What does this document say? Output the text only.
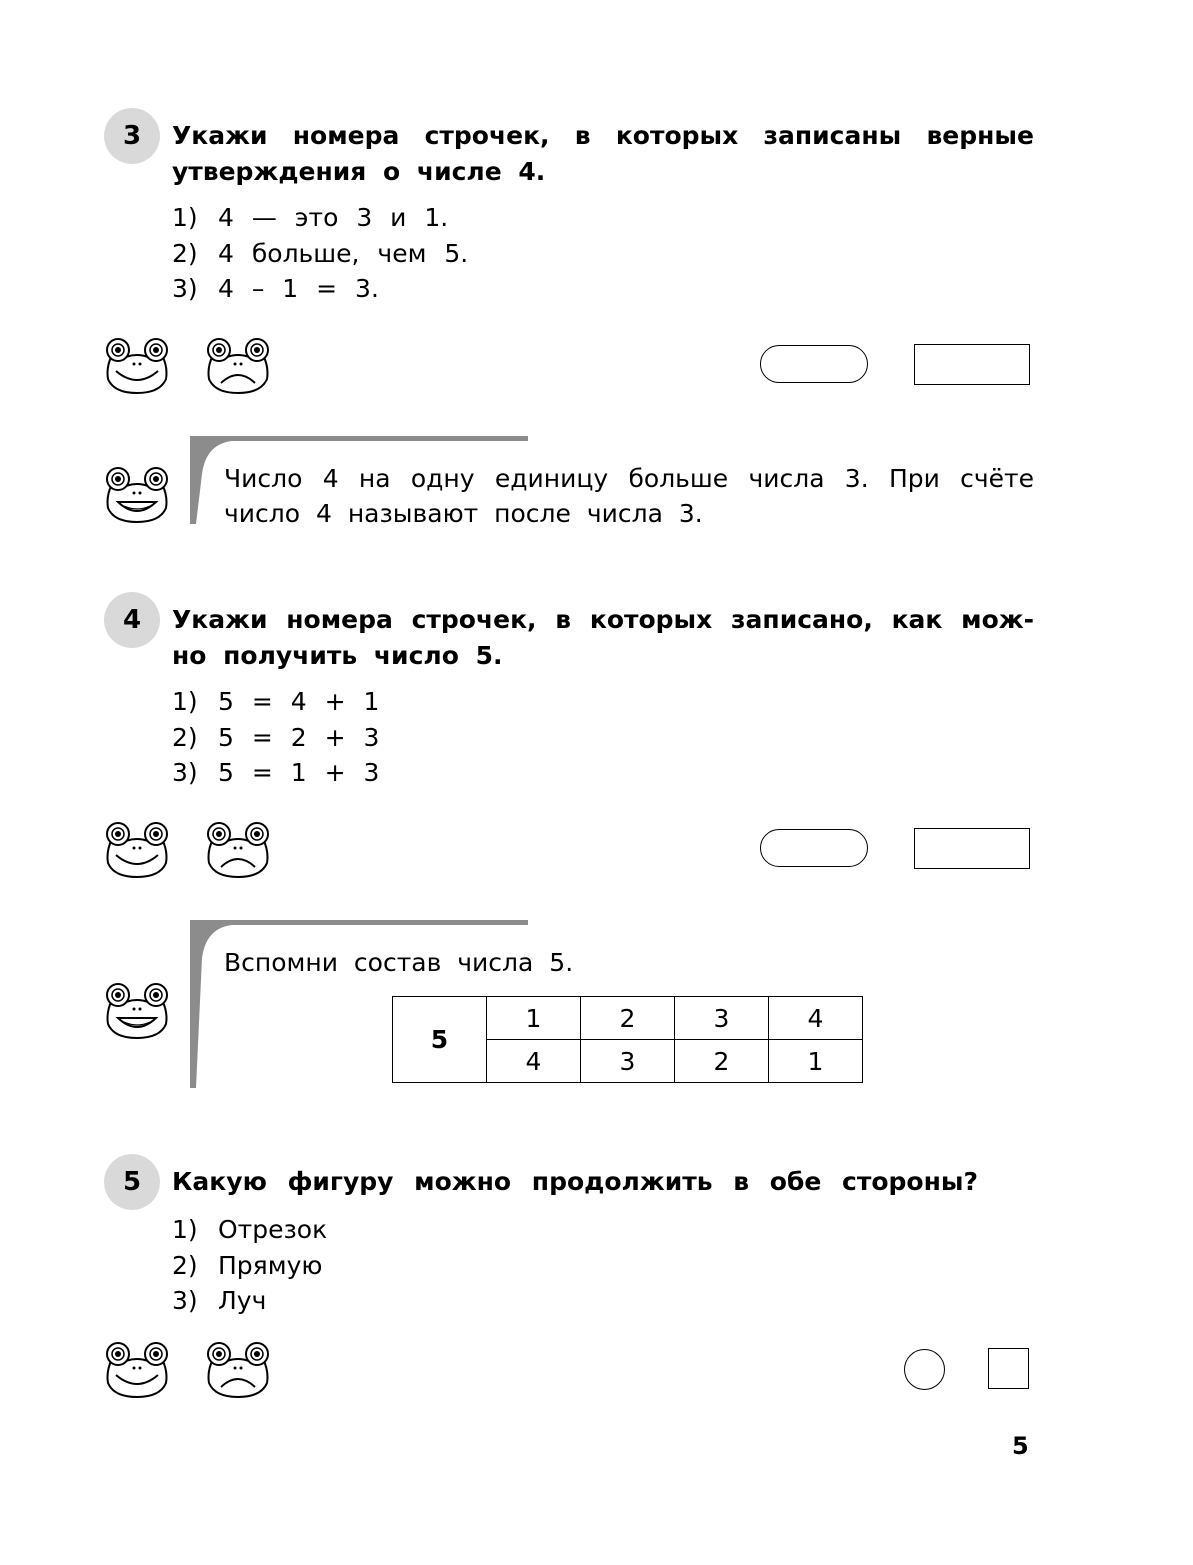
3 Укажи номера строчек, в которых записаны верные утверждения о числе 4.
1) 4 — это 3 и 1.
2) 4 больше, чем 5.
3) 4 – 1 = 3.
Число 4 на одну единицу больше числа 3. При счёте число 4 называют после числа 3.
4 Укажи номера строчек, в которых записано, как мож-но получить число 5.
1) 5 = 4 + 1
2) 5 = 2 + 3
3) 5 = 1 + 3
Вспомни состав числа 5.
5	1	2	3	4
	4	3	2	1
5 Какую фигуру можно продолжить в обе стороны?
1) Отрезок
2) Прямую
3) Луч
5
